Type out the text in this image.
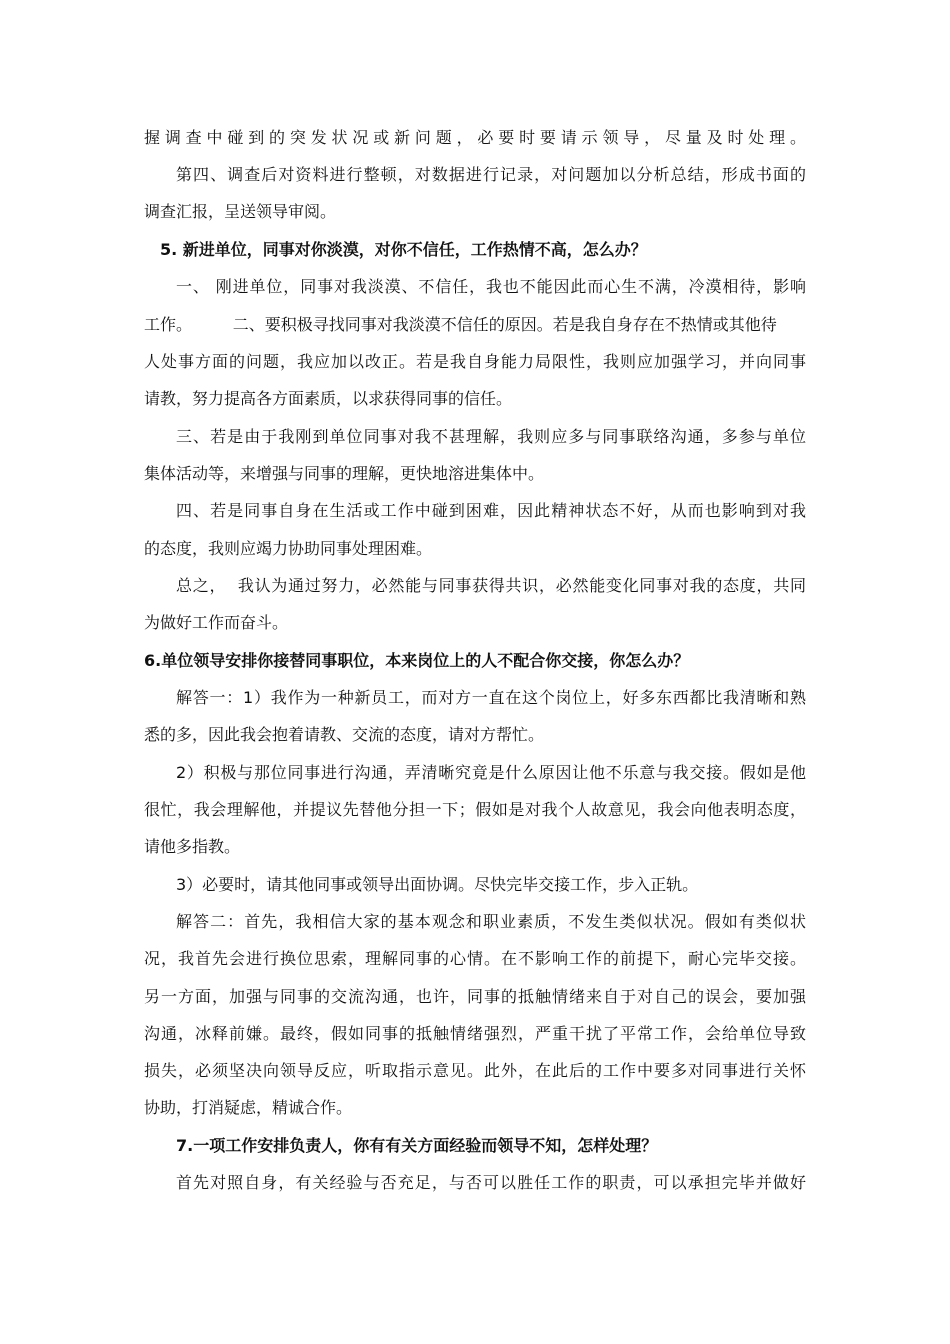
握调查中碰到的突发状况或新问题，必要时要请示领导，尽量及时处理。
第四、调查后对资料进行整顿，对数据进行记录，对问题加以分析总结，形成书面的
调查汇报，呈送领导审阅。
5. 新进单位，同事对你淡漠，对你不信任，工作热情不高，怎么办？
一、 刚进单位，同事对我淡漠、不信任，我也不能因此而心生不满，冷漠相待，影响
工作。        二、要积极寻找同事对我淡漠不信任的原因。若是我自身存在不热情或其他待
人处事方面的问题，我应加以改正。若是我自身能力局限性，我则应加强学习，并向同事
请教，努力提高各方面素质，以求获得同事的信任。
三、若是由于我刚到单位同事对我不甚理解，我则应多与同事联络沟通，多参与单位
集体活动等，来增强与同事的理解，更快地溶进集体中。
四、若是同事自身在生活或工作中碰到困难，因此精神状态不好，从而也影响到对我
的态度，我则应竭力协助同事处理困难。
总之，  我认为通过努力，必然能与同事获得共识，必然能变化同事对我的态度，共同
为做好工作而奋斗。
6.单位领导安排你接替同事职位，本来岗位上的人不配合你交接，你怎么办？
解答一：1）我作为一种新员工，而对方一直在这个岗位上，好多东西都比我清晰和熟
悉的多，因此我会抱着请教、交流的态度，请对方帮忙。
2）积极与那位同事进行沟通，弄清晰究竟是什么原因让他不乐意与我交接。假如是他
很忙，我会理解他，并提议先替他分担一下；假如是对我个人故意见，我会向他表明态度，
请他多指教。
3）必要时，请其他同事或领导出面协调。尽快完毕交接工作，步入正轨。
解答二：首先，我相信大家的基本观念和职业素质，不发生类似状况。假如有类似状
况，我首先会进行换位思索，理解同事的心情。在不影响工作的前提下，耐心完毕交接。
另一方面，加强与同事的交流沟通，也许，同事的抵触情绪来自于对自己的误会，要加强
沟通，冰释前嫌。最终，假如同事的抵触情绪强烈，严重干扰了平常工作，会给单位导致
损失，必须坚决向领导反应，听取指示意见。此外，在此后的工作中要多对同事进行关怀
协助，打消疑虑，精诚合作。
7.一项工作安排负责人，你有有关方面经验而领导不知，怎样处理？
首先对照自身，有关经验与否充足，与否可以胜任工作的职责，可以承担完毕并做好
